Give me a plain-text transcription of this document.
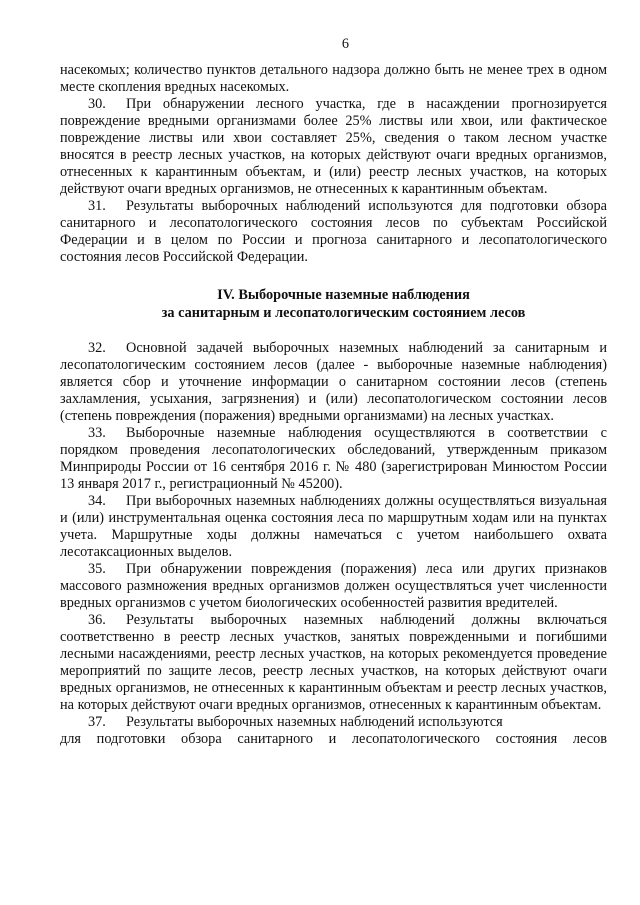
6

насекомых; количество пунктов детального надзора должно быть не менее трех в одном месте скопления вредных насекомых.

30. При обнаружении лесного участка, где в насаждении прогнозируется повреждение вредными организмами более 25% листвы или хвои, или фактическое повреждение листвы или хвои составляет 25%, сведения о таком лесном участке вносятся в реестр лесных участков, на которых действуют очаги вредных организмов, отнесенных к карантинным объектам, и (или) реестр лесных участков, на которых действуют очаги вредных организмов, не отнесенных к карантинным объектам.

31. Результаты выборочных наблюдений используются для подготовки обзора санитарного и лесопатологического состояния лесов по субъектам Российской Федерации и в целом по России и прогноза санитарного и лесопатологического состояния лесов Российской Федерации.

IV. Выборочные наземные наблюдения
за санитарным и лесопатологическим состоянием лесов

32. Основной задачей выборочных наземных наблюдений за санитарным и лесопатологическим состоянием лесов (далее - выборочные наземные наблюдения) является сбор и уточнение информации о санитарном состоянии лесов (степень захламления, усыхания, загрязнения) и (или) лесопатологическом состоянии лесов (степень повреждения (поражения) вредными организмами) на лесных участках.

33. Выборочные наземные наблюдения осуществляются в соответствии с порядком проведения лесопатологических обследований, утвержденным приказом Минприроды России от 16 сентября 2016 г. № 480 (зарегистрирован Минюстом России 13 января 2017 г., регистрационный № 45200).

34. При выборочных наземных наблюдениях должны осуществляться визуальная и (или) инструментальная оценка состояния леса по маршрутным ходам или на пунктах учета. Маршрутные ходы должны намечаться с учетом наибольшего охвата лесотаксационных выделов.

35. При обнаружении повреждения (поражения) леса или других признаков массового размножения вредных организмов должен осуществляться учет численности вредных организмов с учетом биологических особенностей развития вредителей.

36. Результаты выборочных наземных наблюдений должны включаться соответственно в реестр лесных участков, занятых поврежденными и погибшими лесными насаждениями, реестр лесных участков, на которых рекомендуется проведение мероприятий по защите лесов, реестр лесных участков, на которых действуют очаги вредных организмов, не отнесенных к карантинным объектам и реестр лесных участков, на которых действуют очаги вредных организмов, отнесенных к карантинным объектам.

37. Результаты выборочных наземных наблюдений используются

для подготовки обзора санитарного и лесопатологического состояния лесов
